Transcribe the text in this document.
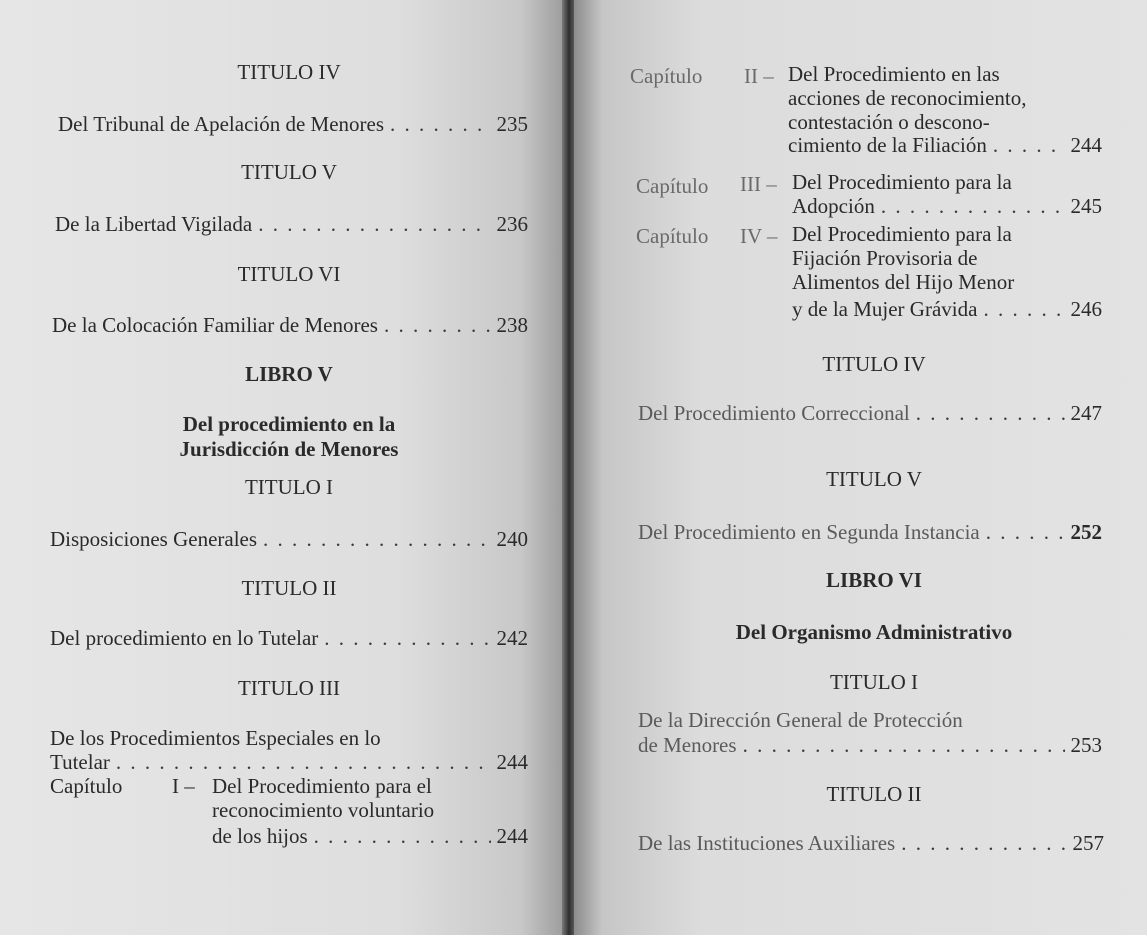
TITULO IV
Del Tribunal de Apelación de Menores . . .	235
TITULO V
De la Libertad Vigilada . . .	236
TITULO VI
De la Colocación Familiar de Menores . . .	238
LIBRO V
Del procedimiento en la
Jurisdicción de Menores
TITULO I
Disposiciones Generales . . .	240
TITULO II
Del procedimiento en lo Tutelar . . .	242
TITULO III
De los Procedimientos Especiales en lo
Tutelar . . .	244
Capítulo I – Del Procedimiento para el
reconocimiento voluntario
de los hijos . . .	244
Capítulo II – Del Procedimiento en las
acciones de reconocimiento,
contestación o descono-
cimiento de la Filiación . . .	244
Capítulo III – Del Procedimiento para la
Adopción . . .	245
Capítulo IV – Del Procedimiento para la
Fijación Provisoria de
Alimentos del Hijo Menor
y de la Mujer Grávida . . .	246
TITULO IV
Del Procedimiento Correccional . . .	247
TITULO V
Del Procedimiento en Segunda Instancia . . .	252
LIBRO VI
Del Organismo Administrativo
TITULO I
De la Dirección General de Protección
de Menores . . .	253
TITULO II
De las Instituciones Auxiliares . . .	257
